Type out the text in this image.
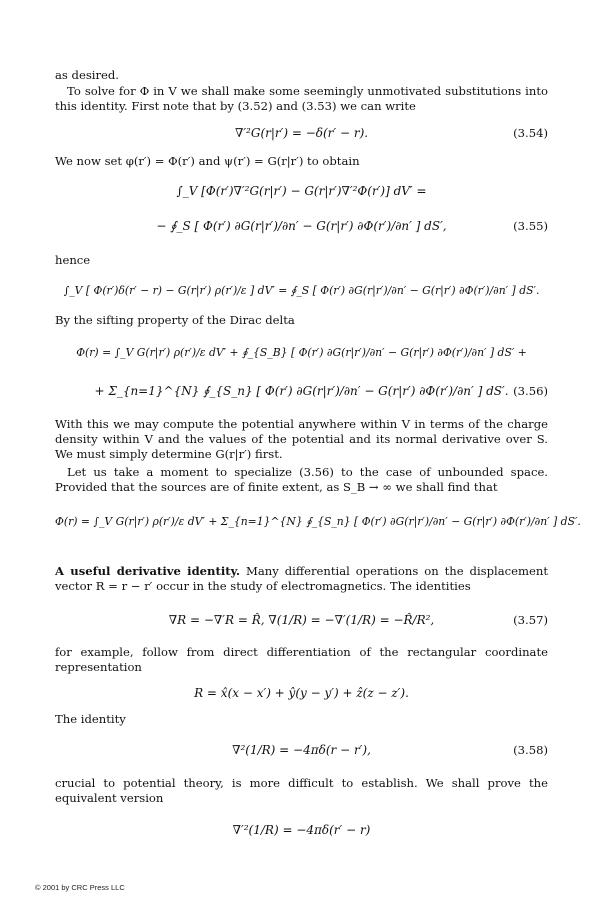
as desired.
To solve for Φ in V we shall make some seemingly unmotivated substitutions into this identity. First note that by (3.52) and (3.53) we can write
∇′²G(r|r′) = −δ(r′ − r).	(3.54)
We now set φ(r′) = Φ(r′) and ψ(r′) = G(r|r′) to obtain
∫_V [Φ(r′)∇′²G(r|r′) − G(r|r′)∇′²Φ(r′)] dV′ =
− ∮_S [ Φ(r′) ∂G(r|r′)/∂n′ − G(r|r′) ∂Φ(r′)/∂n′ ] dS′,	(3.55)
hence
∫_V [ Φ(r′)δ(r′ − r) − G(r|r′) ρ(r′)/ε ] dV′ = ∮_S [ Φ(r′) ∂G(r|r′)/∂n′ − G(r|r′) ∂Φ(r′)/∂n′ ] dS′.
By the sifting property of the Dirac delta
Φ(r) = ∫_V G(r|r′) ρ(r′)/ε dV′ + ∮_{S_B} [ Φ(r′) ∂G(r|r′)/∂n′ − G(r|r′) ∂Φ(r′)/∂n′ ] dS′ +
+ Σ_{n=1}^{N} ∮_{S_n} [ Φ(r′) ∂G(r|r′)/∂n′ − G(r|r′) ∂Φ(r′)/∂n′ ] dS′. (3.56)
With this we may compute the potential anywhere within V in terms of the charge density within V and the values of the potential and its normal derivative over S. We must simply determine G(r|r′) first.
Let us take a moment to specialize (3.56) to the case of unbounded space. Provided that the sources are of finite extent, as S_B → ∞ we shall find that
Φ(r) = ∫_V G(r|r′) ρ(r′)/ε dV′ + Σ_{n=1}^{N} ∮_{S_n} [ Φ(r′) ∂G(r|r′)/∂n′ − G(r|r′) ∂Φ(r′)/∂n′ ] dS′.
A useful derivative identity. Many differential operations on the displacement vector R = r − r′ occur in the study of electromagnetics. The identities
∇R = −∇′R = R̂, ∇(1/R) = −∇′(1/R) = −R̂/R²,	(3.57)
for example, follow from direct differentiation of the rectangular coordinate representation
R = x̂(x − x′) + ŷ(y − y′) + ẑ(z − z′).
The identity
∇²(1/R) = −4πδ(r − r′),	(3.58)
crucial to potential theory, is more difficult to establish. We shall prove the equivalent version
∇′²(1/R) = −4πδ(r′ − r)
© 2001 by CRC Press LLC
